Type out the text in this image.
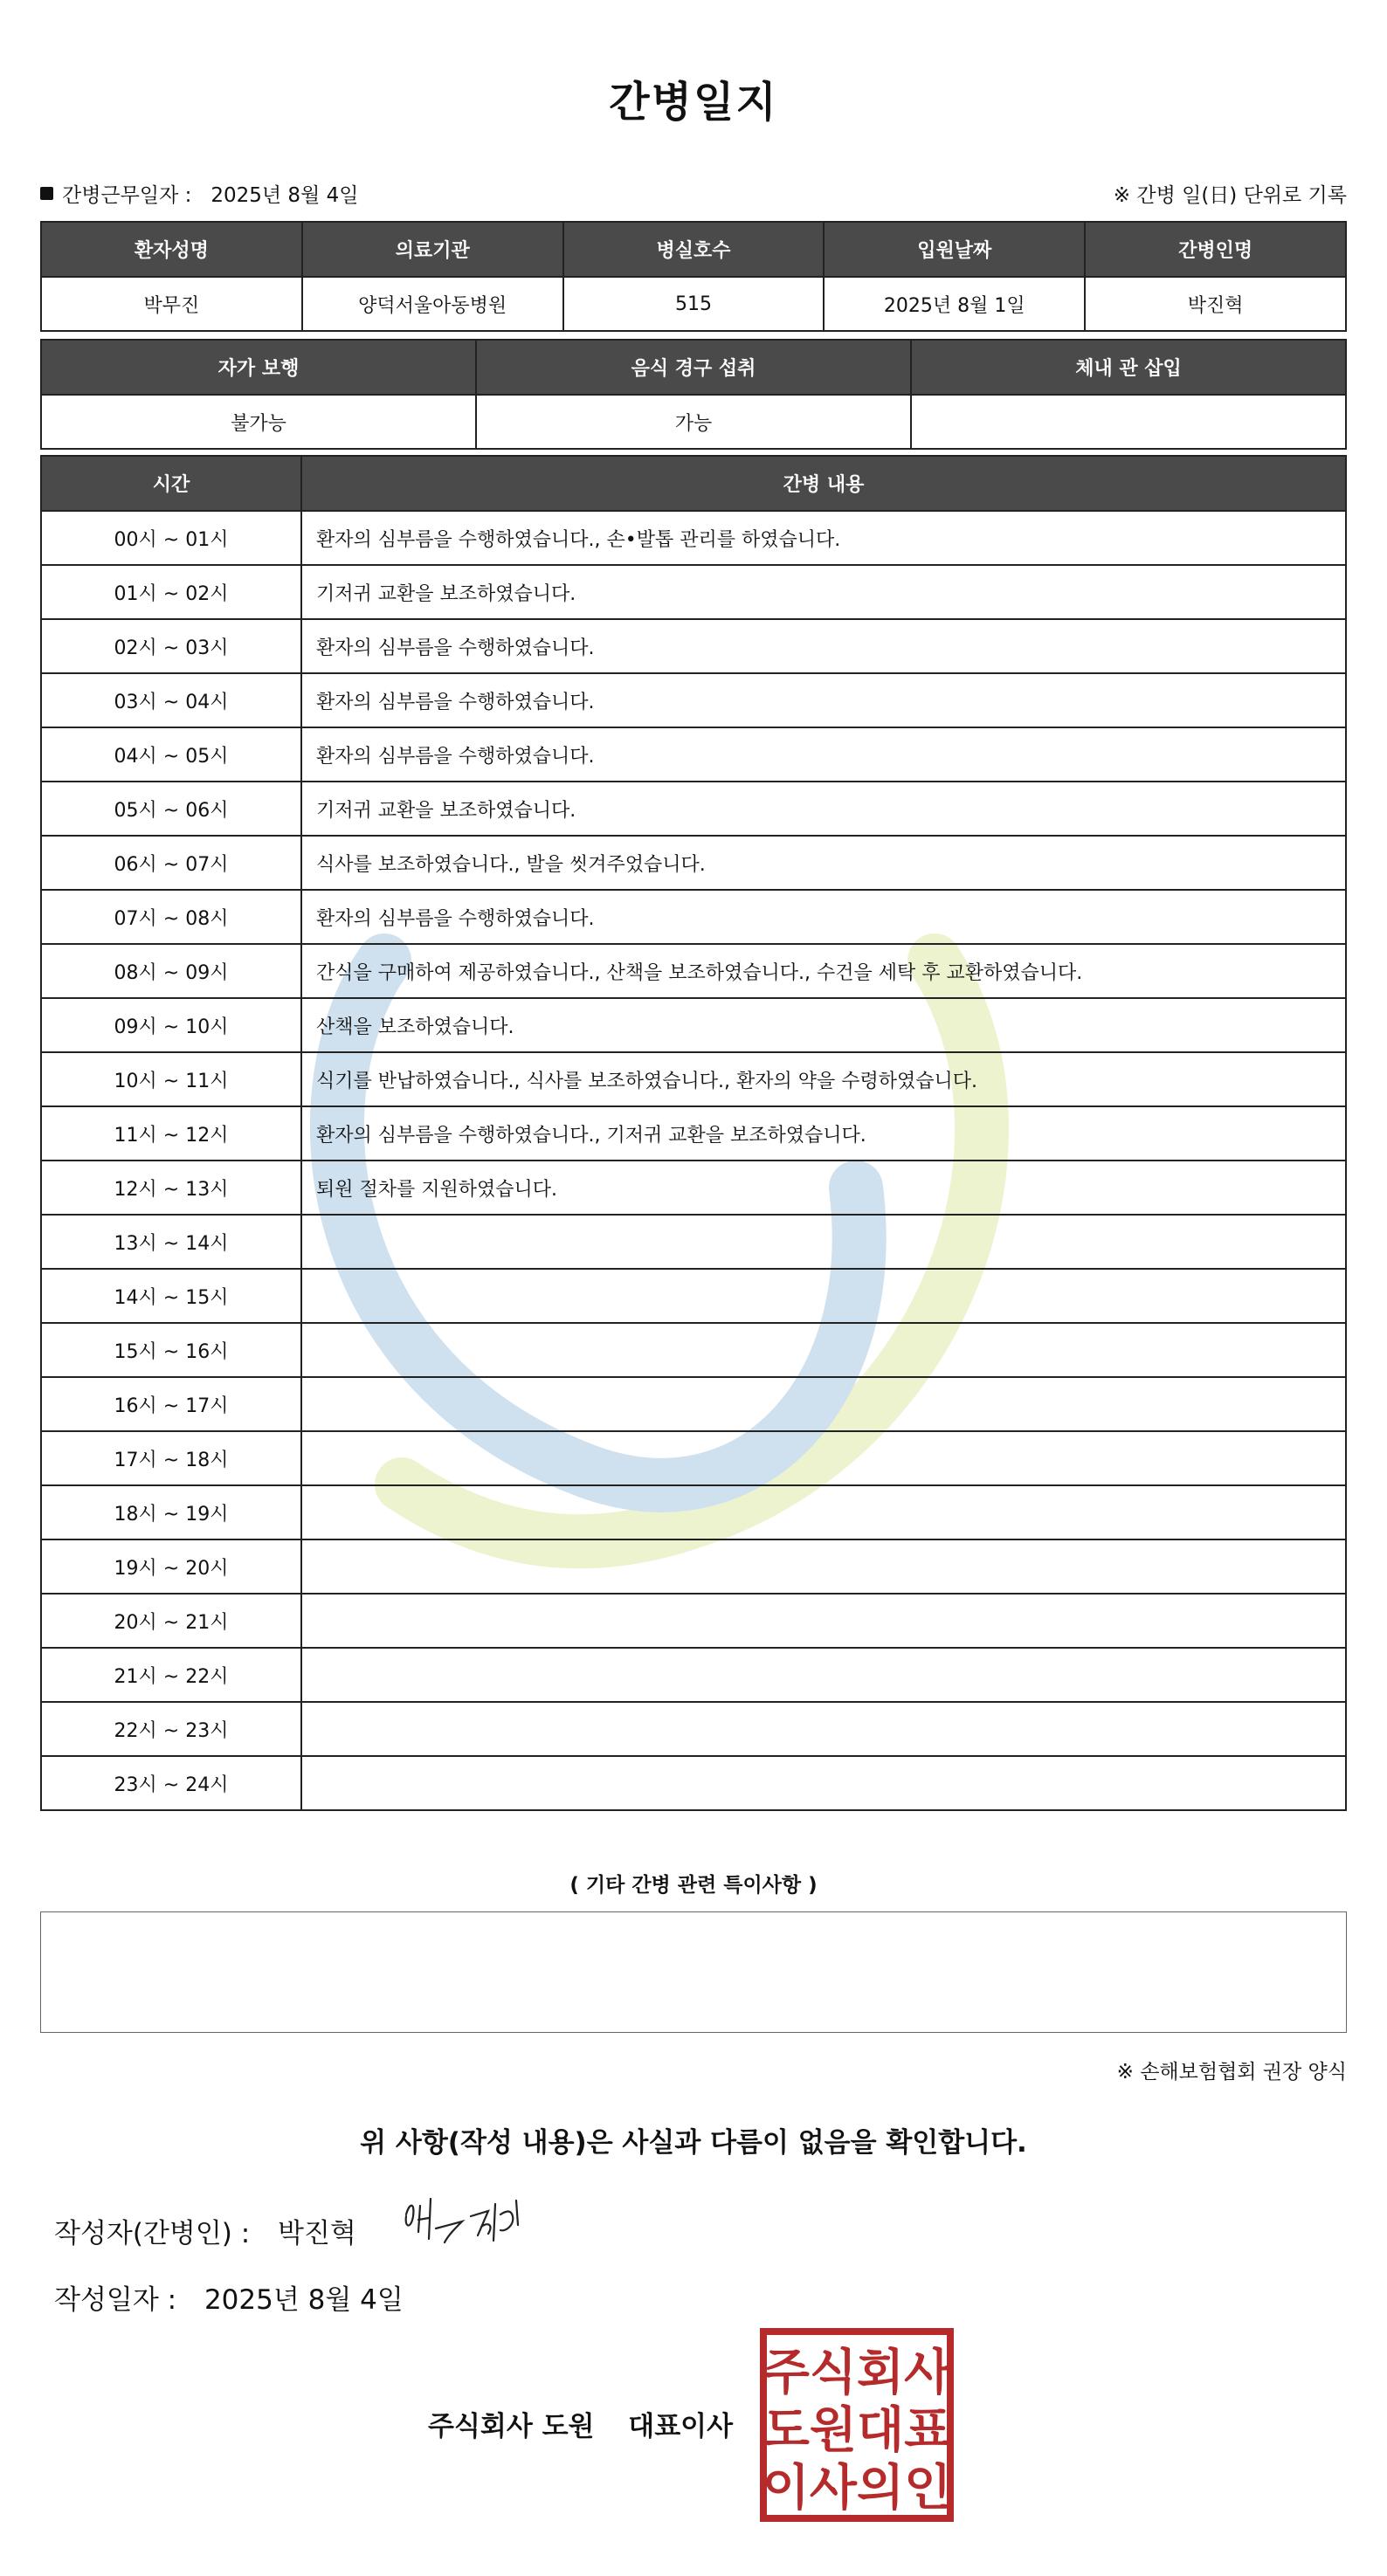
간병일지
간병근무일자 : 2025년 8월 4일	※ 간병 일(日) 단위로 기록
환자성명	의료기관	병실호수	입원날짜	간병인명
박무진	양덕서울아동병원	515	2025년 8월 1일	박진혁
자가 보행	음식 경구 섭취	체내 관 삽입
불가능	가능	
시간	간병 내용
00시 ~ 01시	환자의 심부름을 수행하였습니다., 손•발톱 관리를 하였습니다.
01시 ~ 02시	기저귀 교환을 보조하였습니다.
02시 ~ 03시	환자의 심부름을 수행하였습니다.
03시 ~ 04시	환자의 심부름을 수행하였습니다.
04시 ~ 05시	환자의 심부름을 수행하였습니다.
05시 ~ 06시	기저귀 교환을 보조하였습니다.
06시 ~ 07시	식사를 보조하였습니다., 발을 씻겨주었습니다.
07시 ~ 08시	환자의 심부름을 수행하였습니다.
08시 ~ 09시	간식을 구매하여 제공하였습니다., 산책을 보조하였습니다., 수건을 세탁 후 교환하였습니다.
09시 ~ 10시	산책을 보조하였습니다.
10시 ~ 11시	식기를 반납하였습니다., 식사를 보조하였습니다., 환자의 약을 수령하였습니다.
11시 ~ 12시	환자의 심부름을 수행하였습니다., 기저귀 교환을 보조하였습니다.
12시 ~ 13시	퇴원 절차를 지원하였습니다.
13시 ~ 14시	
14시 ~ 15시	
15시 ~ 16시	
16시 ~ 17시	
17시 ~ 18시	
18시 ~ 19시	
19시 ~ 20시	
20시 ~ 21시	
21시 ~ 22시	
22시 ~ 23시	
23시 ~ 24시	
( 기타 간병 관련 특이사항 )
※ 손해보험협회 권장 양식
위 사항(작성 내용)은 사실과 다름이 없음을 확인합니다.
작성자(간병인) : 박진혁
작성일자 : 2025년 8월 4일
주식회사 도원 대표이사
주식회사
도원대표
이사의인
